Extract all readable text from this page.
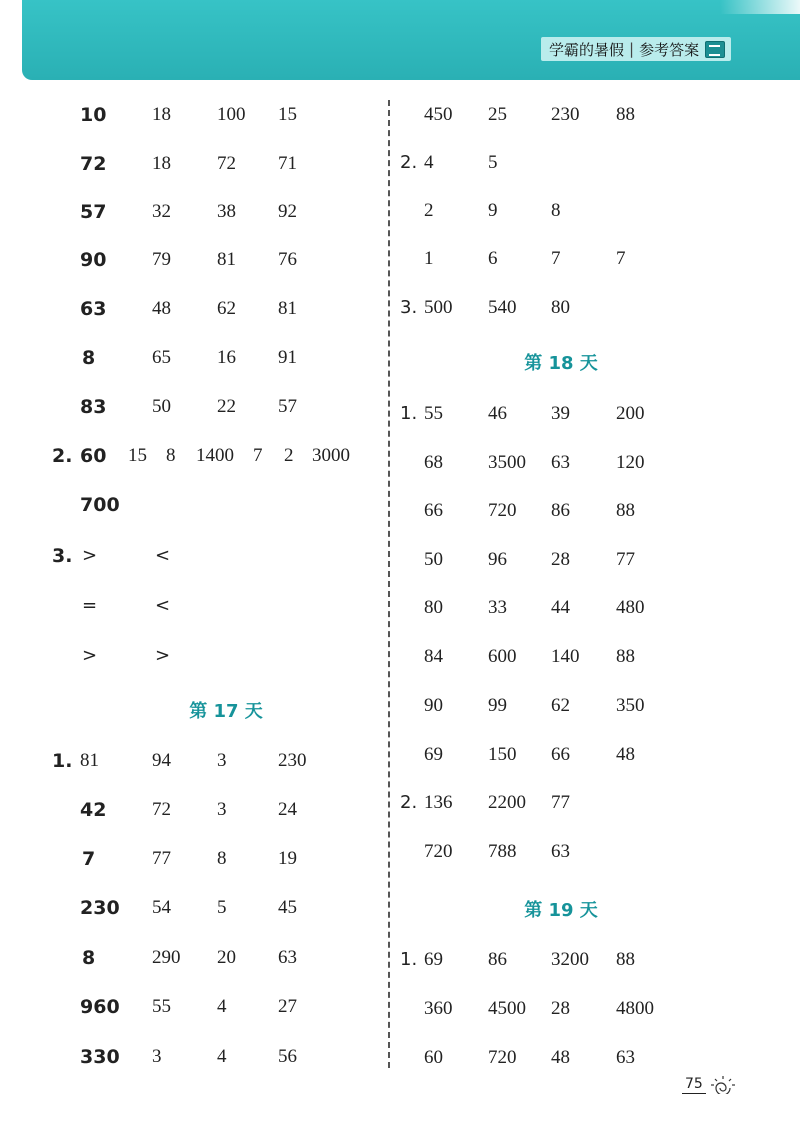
学霸的暑假 | 参考答案
10 18 100 15
72 18 72 71
57 32 38 92
90 79 81 76
63 48 62 81
8	65 16 91
83 50 22 57
2. 60 15 8 1400 7 2 3000
700
3. >	<
=	<
>	>
第 17 天
1. 81	94 3	230
42 72 3	24
7	77 8	19
230 54 5	45
8	290 20 63
960 55 4	27
330 3	4	56
450 25 230 88
2. 4	5
2	9	8
1	6	7	7
3. 500 540 80
第 18 天
1. 55 46 39 200
68 3500 63 120
66 720 86 88
50 96 28 77
80 33 44 480
84 600 140 88
90 99 62 350
69 150 66 48
2. 136 2200 77
720 788 63
第 19 天
1. 69 86 3200 88
360 4500 28 4800
60 720 48 63
75
